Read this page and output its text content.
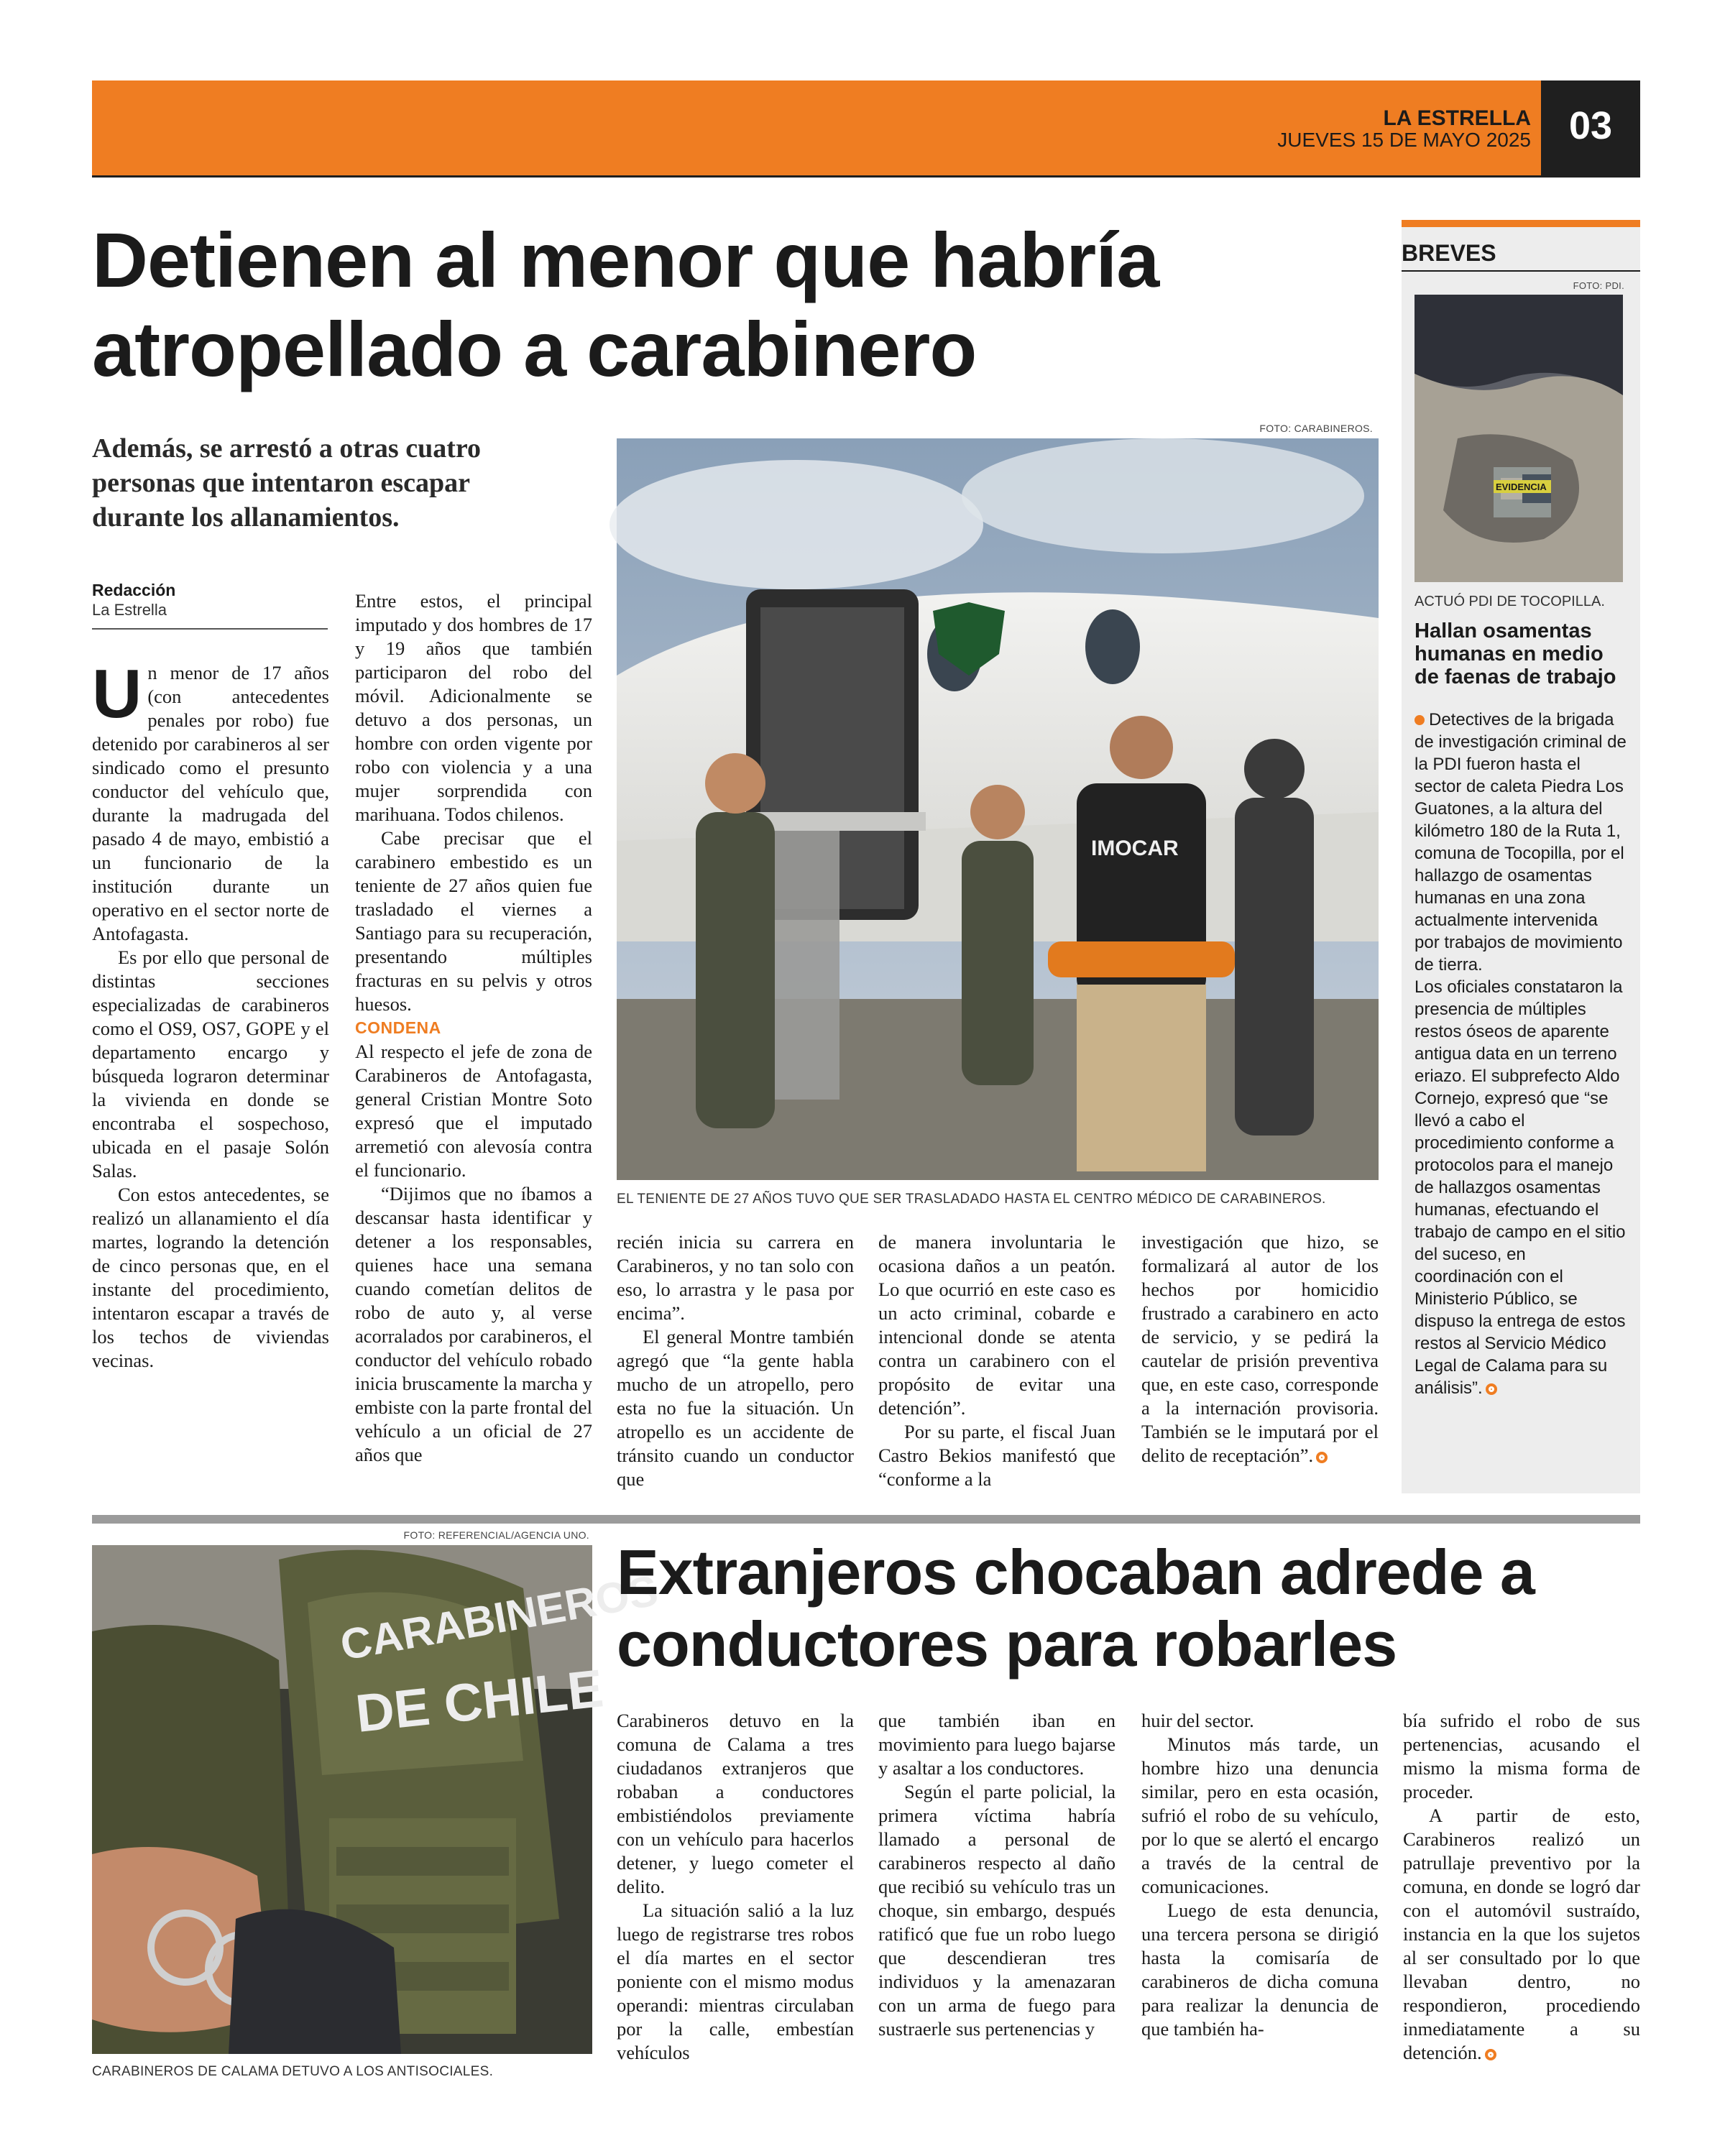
LA ESTRELLA
JUEVES 15 DE MAYO 2025 03
Detienen al menor que habría
atropellado a carabinero
Además, se arrestó a otras cuatro
personas que intentaron escapar
durante los allanamientos.
Redacción
La Estrella
FOTO: CARABINEROS.
IMOCAR
EL TENIENTE DE 27 AÑOS TUVO QUE SER TRASLADADO HASTA EL CENTRO MÉDICO DE CARABINEROS.

Un menor de 17 años (con antecedentes penales por robo) fue detenido por carabineros al ser sindicado como el presunto conductor del vehículo que, durante la madrugada del pasado 4 de mayo, embistió a un funcionario de la institución durante un operativo en el sector norte de Antofagasta.

Es por ello que personal de distintas secciones especializadas de carabineros como el OS9, OS7, GOPE y el departamento encargo y búsqueda lograron determinar la vivienda en donde se encontraba el sospechoso, ubicada en el pasaje Solón Salas.

Con estos antecedentes, se realizó un allanamiento el día martes, logrando la detención de cinco personas que, en el instante del procedimiento, intentaron escapar a través de los techos de viviendas vecinas.

Entre estos, el principal imputado y dos hombres de 17 y 19 años que también participaron del robo del móvil. Adicionalmente se detuvo a dos personas, un hombre con orden vigente por robo con violencia y a una mujer sorprendida con marihuana. Todos chilenos.

Cabe precisar que el carabinero embestido es un teniente de 27 años quien fue trasladado el viernes a Santiago para su recuperación, presentando múltiples fracturas en su pelvis y otros huesos.

CONDENA

Al respecto el jefe de zona de Carabineros de Antofagasta, general Cristian Montre Soto expresó que el imputado arremetió con alevosía contra el funcionario.

“Dijimos que no íbamos a descansar hasta identificar y detener a los responsables, quienes hace una semana cuando cometían delitos de robo de auto y, al verse acorralados por carabineros, el conductor del vehículo robado inicia bruscamente la marcha y embiste con la parte frontal del vehículo a un oficial de 27 años que

recién inicia su carrera en Carabineros, y no tan solo con eso, lo arrastra y le pasa por encima”.

El general Montre también agregó que “la gente habla mucho de un atropello, pero esta no fue la situación. Un atropello es un accidente de tránsito cuando un conductor que

de manera involuntaria le ocasiona daños a un peatón. Lo que ocurrió en este caso es un acto criminal, cobarde e intencional donde se atenta contra un carabinero con el propósito de evitar una detención”.

Por su parte, el fiscal Juan Castro Bekios manifestó que “conforme a la

investigación que hizo, se formalizará al autor de los hechos por homicidio frustrado a carabinero en acto de servicio, y se pedirá la cautelar de prisión preventiva que, en este caso, corresponde a la internación provisoria. También se le imputará por el delito de receptación”.

BREVES
FOTO: PDI.
EVIDENCIA
ACTUÓ PDI DE TOCOPILLA.
Hallan osamentas
humanas en medio
de faenas de trabajo

Detectives de la brigada de investigación criminal de la PDI fueron hasta el sector de caleta Piedra Los Guatones, a la altura del kilómetro 180 de la Ruta 1, comuna de Tocopilla, por el hallazgo de osamentas humanas en una zona actualmente intervenida por trabajos de movimiento de tierra.

Los oficiales constataron la presencia de múltiples restos óseos de aparente antigua data en un terreno eriazo. El subprefecto Aldo Cornejo, expresó que “se llevó a cabo el procedimiento conforme a protocolos para el manejo de hallazgos osamentas humanas, efectuando el trabajo de campo en el sitio del suceso, en coordinación con el Ministerio Público, se dispuso la entrega de estos restos al Servicio Médico Legal de Calama para su análisis”.

FOTO: REFERENCIAL/AGENCIA UNO.
CARABINEROS
DE CHILE
CARABINEROS DE CALAMA DETUVO A LOS ANTISOCIALES.
Extranjeros chocaban adrede a
conductores para robarles

Carabineros detuvo en la comuna de Calama a tres ciudadanos extranjeros que robaban a conductores embistiéndolos previamente con un vehículo para hacerlos detener, y luego cometer el delito.

La situación salió a la luz luego de registrarse tres robos el día martes en el sector poniente con el mismo modus operandi: mientras circulaban por la calle, embestían vehículos

que también iban en movimiento para luego bajarse y asaltar a los conductores.

Según el parte policial, la primera víctima habría llamado a personal de carabineros respecto al daño que recibió su vehículo tras un choque, sin embargo, después ratificó que fue un robo luego que descendieran tres individuos y la amenazaran con un arma de fuego para sustraerle sus pertenencias y

huir del sector.

Minutos más tarde, un hombre hizo una denuncia similar, pero en esta ocasión, sufrió el robo de su vehículo, por lo que se alertó el encargo a través de la central de comunicaciones.

Luego de esta denuncia, una tercera persona se dirigió hasta la comisaría de carabineros de dicha comuna para realizar la denuncia de que también ha-

bía sufrido el robo de sus pertenencias, acusando el mismo la misma forma de proceder.

A partir de esto, Carabineros realizó un patrullaje preventivo por la comuna, en donde se logró dar con el automóvil sustraído, instancia en la que los sujetos al ser consultado por lo que llevaban dentro, no respondieron, procediendo inmediatamente a su detención.
